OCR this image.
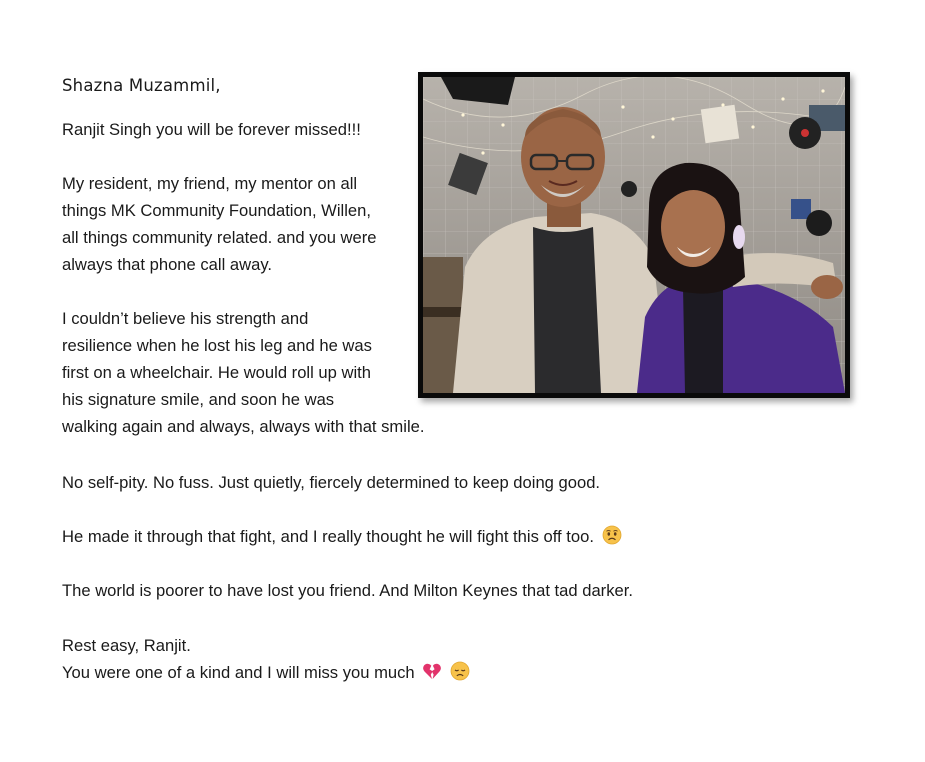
Shazna Muzammil,

Ranjit Singh you will be forever missed!!!

My resident, my friend, my mentor on all
things MK Community Foundation, Willen,
all things community related. and you were
always that phone call away.

I couldn’t believe his strength and
resilience when he lost his leg and he was
first on a wheelchair. He would roll up with
his signature smile, and soon he was
walking again and always, always with that smile.

No self-pity. No fuss. Just quietly, fiercely determined to keep doing good.

He made it through that fight, and I really thought he will fight this off too.

The world is poorer to have lost you friend. And Milton Keynes that tad darker.

Rest easy, Ranjit.
You were one of a kind and I will miss you much
